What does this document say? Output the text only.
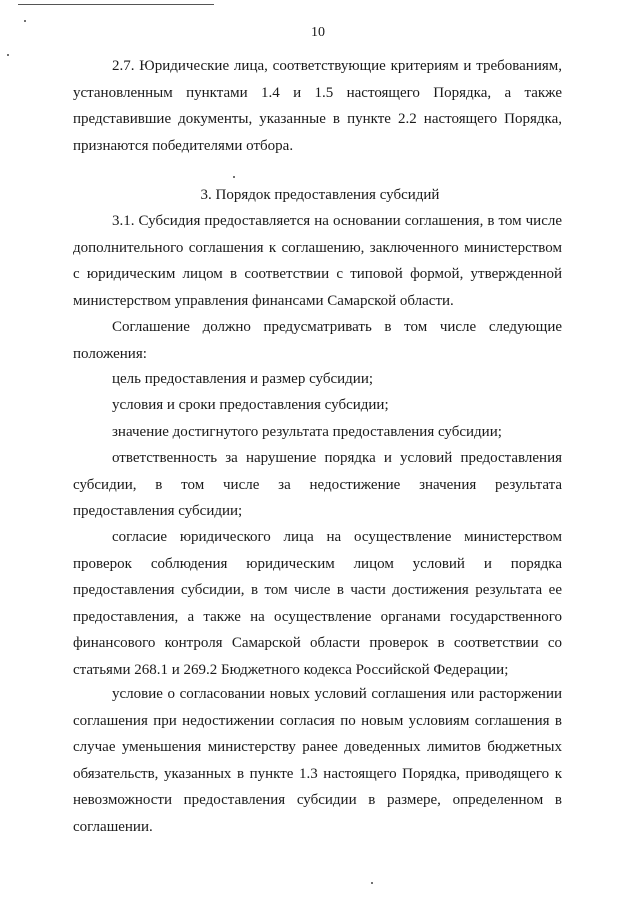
10

2.7. Юридические лица, соответствующие критериям и требованиям, установленным пунктами 1.4 и 1.5 настоящего Порядка, а также представившие документы, указанные в пункте 2.2 настоящего Порядка, признаются победителями отбора.

3. Порядок предоставления субсидий

3.1. Субсидия предоставляется на основании соглашения, в том числе дополнительного соглашения к соглашению, заключенного министерством с юридическим лицом в соответствии с типовой формой, утвержденной министерством управления финансами Самарской области.

Соглашение должно предусматривать в том числе следующие положения:

цель предоставления и размер субсидии;

условия и сроки предоставления субсидии;

значение достигнутого результата предоставления субсидии;

ответственность за нарушение порядка и условий предоставления субсидии, в том числе за недостижение значения результата предоставления субсидии;

согласие юридического лица на осуществление министерством проверок соблюдения юридическим лицом условий и порядка предоставления субсидии, в том числе в части достижения результата ее предоставления, а также на осуществление органами государственного финансового контроля Самарской области проверок в соответствии со статьями 268.1 и 269.2 Бюджетного кодекса Российской Федерации;

условие о согласовании новых условий соглашения или расторжении соглашения при недостижении согласия по новым условиям соглашения в случае уменьшения министерству ранее доведенных лимитов бюджетных обязательств, указанных в пункте 1.3 настоящего Порядка, приводящего к невозможности предоставления субсидии в размере, определенном в соглашении.
